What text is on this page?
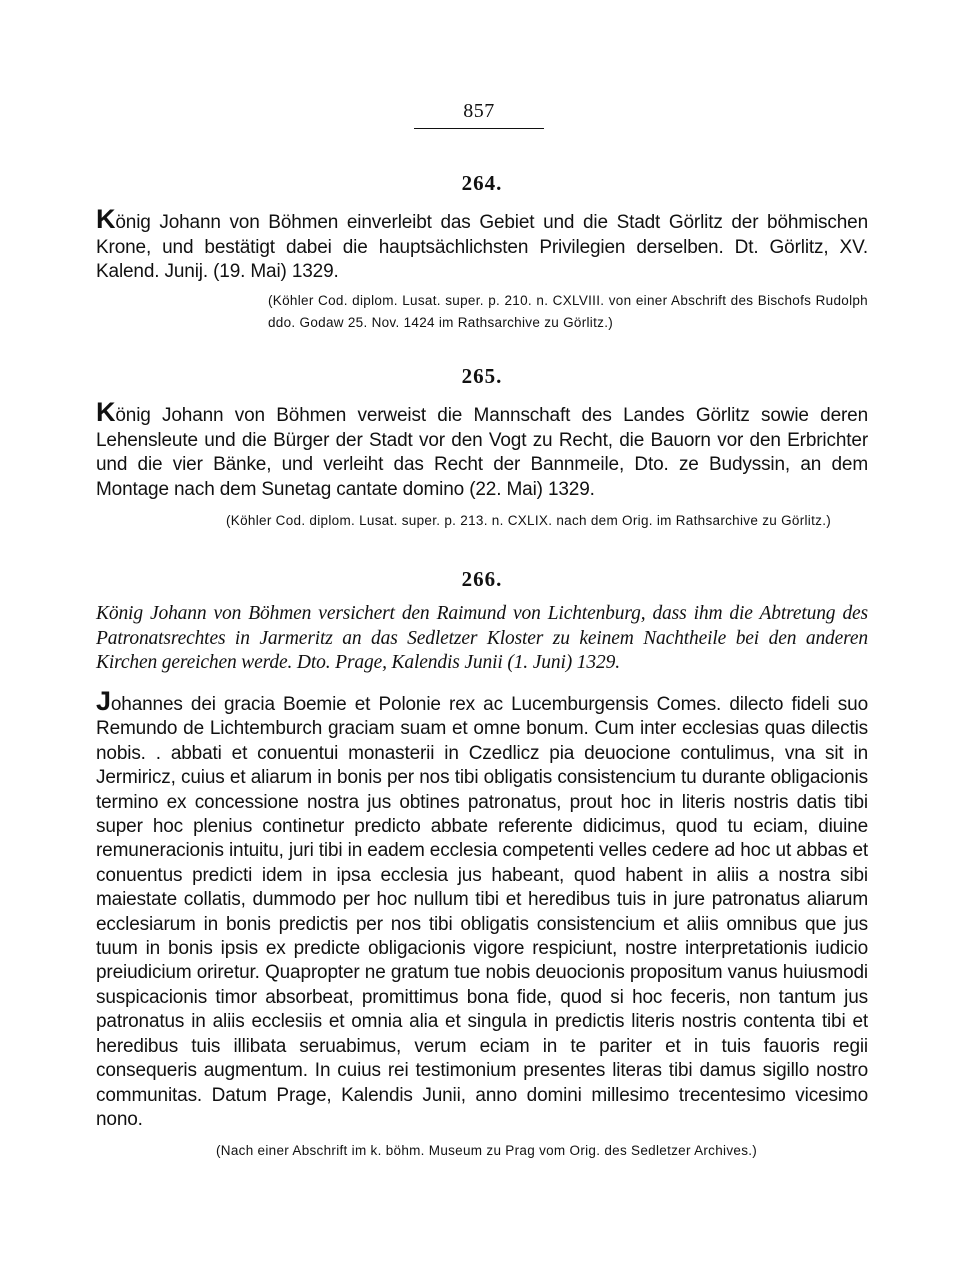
857
264.

König Johann von Böhmen einverleibt das Gebiet und die Stadt Görlitz der böhmischen Krone, und bestätigt dabei die hauptsächlichsten Privilegien derselben. Dt. Görlitz, XV. Kalend. Junij. (19. Mai) 1329.

(Köhler Cod. diplom. Lusat. super. p. 210. n. CXLVIII. von einer Abschrift des Bischofs Rudolph ddo. Godaw 25. Nov. 1424 im Rathsarchive zu Görlitz.)

265.

König Johann von Böhmen verweist die Mannschaft des Landes Görlitz sowie deren Lehensleute und die Bürger der Stadt vor den Vogt zu Recht, die Bauorn vor den Erbrichter und die vier Bänke, und verleiht das Recht der Bannmeile, Dto. ze Budyssin, an dem Montage nach dem Sunetag cantate domino (22. Mai) 1329.

(Köhler Cod. diplom. Lusat. super. p. 213. n. CXLIX. nach dem Orig. im Rathsarchive zu Görlitz.)

266.

König Johann von Böhmen versichert den Raimund von Lichtenburg, dass ihm die Abtretung des Patronatsrechtes in Jarmeritz an das Sedletzer Kloster zu keinem Nachtheile bei den anderen Kirchen gereichen werde. Dto. Prage, Kalendis Junii (1. Juni) 1329.

Johannes dei gracia Boemie et Polonie rex ac Lucemburgensis Comes. dilecto fideli suo Remundo de Lichtemburch graciam suam et omne bonum. Cum inter ecclesias quas dilectis nobis. . abbati et conuentui monasterii in Czedlicz pia deuocione contulimus, vna sit in Jermiricz, cuius et aliarum in bonis per nos tibi obligatis consistencium tu durante obligacionis termino ex concessione nostra jus obtines patronatus, prout hoc in literis nostris datis tibi super hoc plenius continetur predicto abbate referente didicimus, quod tu eciam, diuine remuneracionis intuitu, juri tibi in eadem ecclesia competenti velles cedere ad hoc ut abbas et conuentus predicti idem in ipsa ecclesia jus habeant, quod habent in aliis a nostra sibi maiestate collatis, dummodo per hoc nullum tibi et heredibus tuis in jure patronatus aliarum ecclesiarum in bonis predictis per nos tibi obligatis consistencium et aliis omnibus que jus tuum in bonis ipsis ex predicte obligacionis vigore respiciunt, nostre interpretationis iudicio preiudicium oriretur. Quapropter ne gratum tue nobis deuocionis propositum vanus huiusmodi suspicacionis timor absorbeat, promittimus bona fide, quod si hoc feceris, non tantum jus patronatus in aliis ecclesiis et omnia alia et singula in predictis literis nostris contenta tibi et heredibus tuis illibata seruabimus, verum eciam in te pariter et in tuis fauoris regii consequeris augmentum. In cuius rei testimonium presentes literas tibi damus sigillo nostro communitas. Datum Prage, Kalendis Junii, anno domini millesimo trecentesimo vicesimo nono.

(Nach einer Abschrift im k. böhm. Museum zu Prag vom Orig. des Sedletzer Archives.)
